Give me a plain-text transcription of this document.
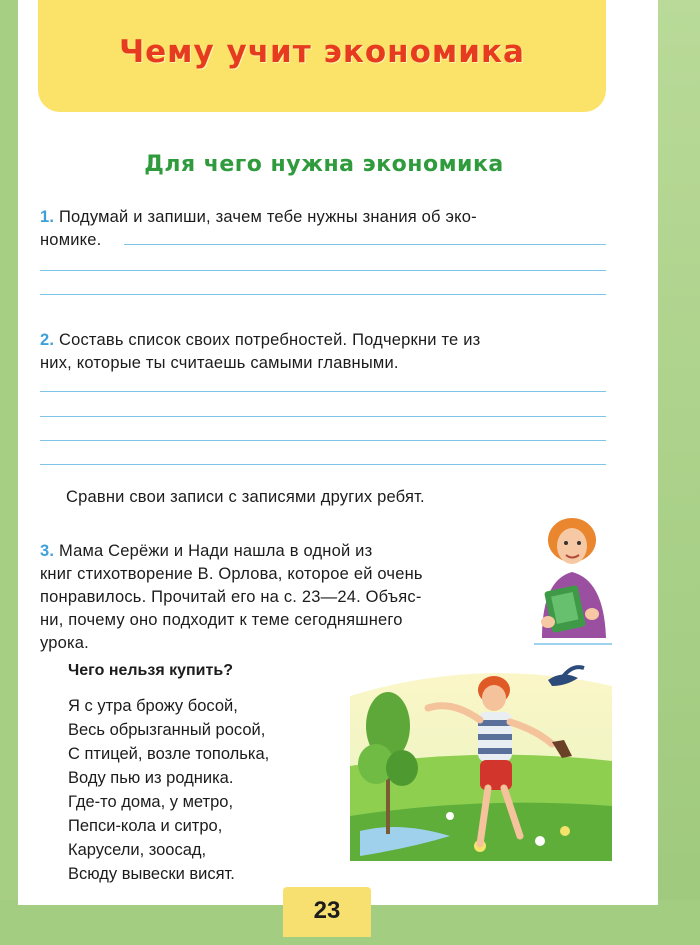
Чему учит экономика
Для чего нужна экономика
1. Подумай и запиши, зачем тебе нужны знания об эко-
номике.
2. Составь список своих потребностей. Подчеркни те из
них, которые ты считаешь самыми главными.
Сравни свои записи с записями других ребят.
3. Мама Серёжи и Нади нашла в одной из
книг стихотворение В. Орлова, которое ей очень
понравилось. Прочитай его на с. 23—24. Объяс-
ни, почему оно подходит к теме сегодняшнего
урока.
Чего нельзя купить?
Я с утра брожу босой,
Весь обрызганный росой,
С птицей, возле тополька,
Воду пью из родника.
Где-то дома, у метро,
Пепси-кола и ситро,
Карусели, зоосад,
Всюду вывески висят.
23
